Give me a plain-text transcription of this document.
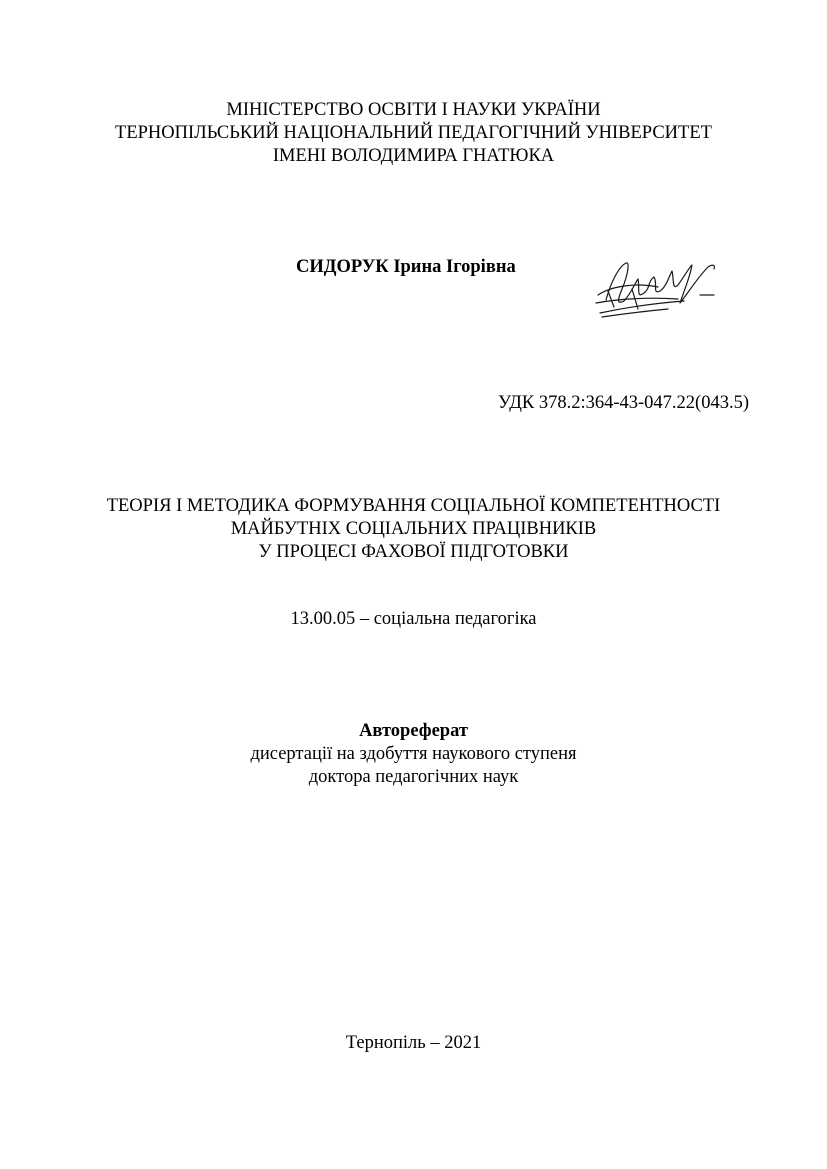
МІНІСТЕРСТВО ОСВІТИ І НАУКИ УКРАЇНИ
ТЕРНОПІЛЬСЬКИЙ НАЦІОНАЛЬНИЙ ПЕДАГОГІЧНИЙ УНІВЕРСИТЕТ
ІМЕНІ ВОЛОДИМИРА ГНАТЮКА
СИДОРУК Ірина Ігорівна
УДК 378.2:364-43-047.22(043.5)
ТЕОРІЯ І МЕТОДИКА ФОРМУВАННЯ СОЦІАЛЬНОЇ КОМПЕТЕНТНОСТІ
МАЙБУТНІХ СОЦІАЛЬНИХ ПРАЦІВНИКІВ
У ПРОЦЕСІ ФАХОВОЇ ПІДГОТОВКИ
13.00.05 – соціальна педагогіка
Автореферат
дисертації на здобуття наукового ступеня
доктора педагогічних наук
Тернопіль – 2021
